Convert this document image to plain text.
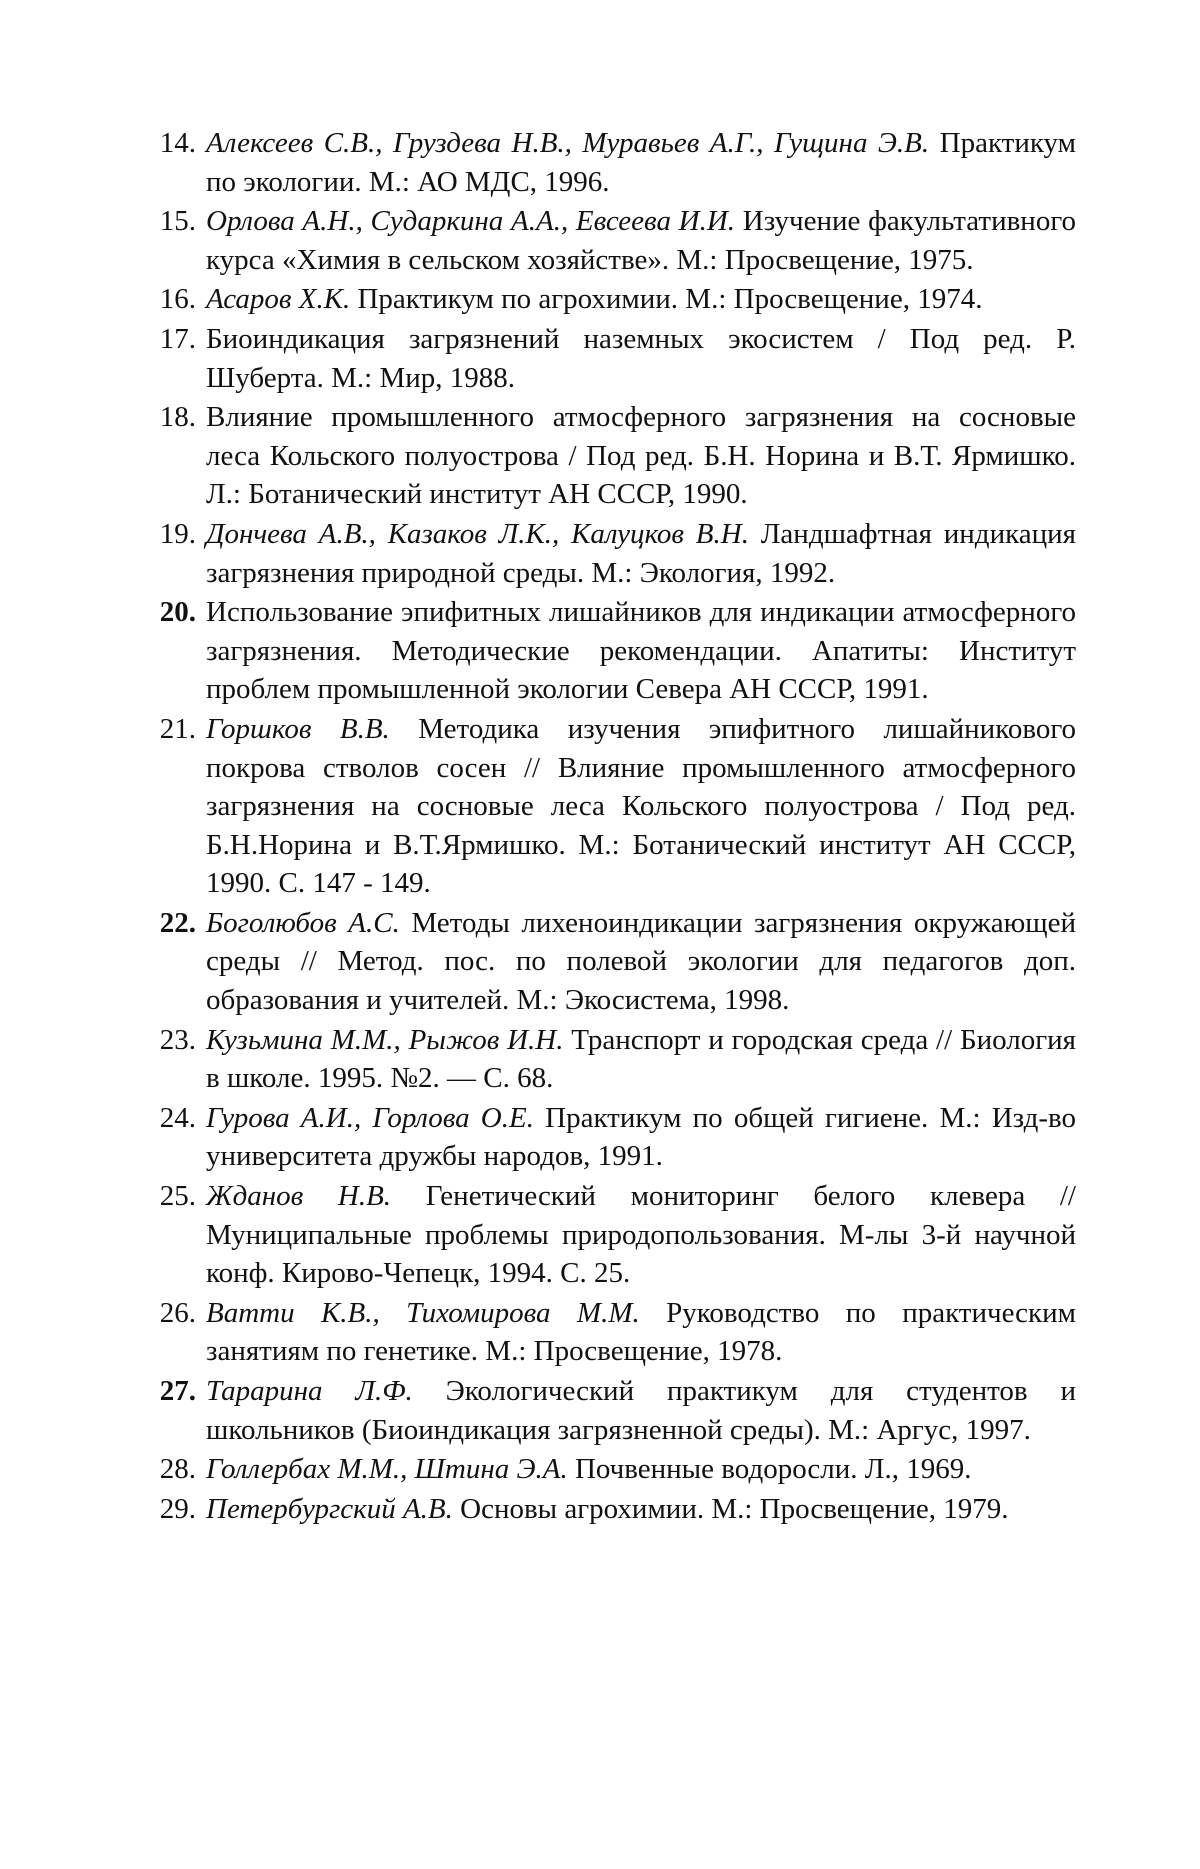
14. Алексеев С.В., Груздева Н.В., Муравьев А.Г., Гущина Э.В. Практикум по экологии. М.: АО МДС, 1996.
15. Орлова А.Н., Сударкина А.А., Евсеева И.И. Изучение факультативного курса «Химия в сельском хозяйстве». М.: Просвещение, 1975.
16. Асаров Х.К. Практикум по агрохимии. М.: Просвещение, 1974.
17. Биоиндикация загрязнений наземных экосистем / Под ред. Р. Шуберта. М.: Мир, 1988.
18. Влияние промышленного атмосферного загрязнения на сосновые леса Кольского полуострова / Под ред. Б.Н. Норина и В.Т. Ярмишко. Л.: Ботанический институт АН СССР, 1990.
19. Дончева А.В., Казаков Л.К., Калуцков В.Н. Ландшафтная индикация загрязнения природной среды. М.: Экология, 1992.
20. Использование эпифитных лишайников для индикации атмосферного загрязнения. Методические рекомендации. Апатиты: Институт проблем промышленной экологии Севера АН СССР, 1991.
21. Горшков В.В. Методика изучения эпифитного лишайникового покрова стволов сосен // Влияние промышленного атмосферного загрязнения на сосновые леса Кольского полуострова / Под ред. Б.Н.Норина и В.Т.Ярмишко. М.: Ботанический институт АН СССР, 1990. С. 147 - 149.
22. Боголюбов А.С. Методы лихеноиндикации загрязнения окружающей среды // Метод. пос. по полевой экологии для педагогов доп. образования и учителей. М.: Экосистема, 1998.
23. Кузьмина М.М., Рыжов И.Н. Транспорт и городская среда // Биология в школе. 1995. №2. — С. 68.
24. Гурова А.И., Горлова О.Е. Практикум по общей гигиене. М.: Изд-во университета дружбы народов, 1991.
25. Жданов Н.В. Генетический мониторинг белого клевера // Муниципальные проблемы природопользования. М-лы 3-й научной конф. Кирово-Чепецк, 1994. С. 25.
26. Ватти К.В., Тихомирова М.М. Руководство по практическим занятиям по генетике. М.: Просвещение, 1978.
27. Тарарина Л.Ф. Экологический практикум для студентов и школьников (Биоиндикация загрязненной среды). М.: Аргус, 1997.
28. Голлербах М.М., Штина Э.А. Почвенные водоросли. Л., 1969.
29. Петербургский А.В. Основы агрохимии. М.: Просвещение, 1979.
